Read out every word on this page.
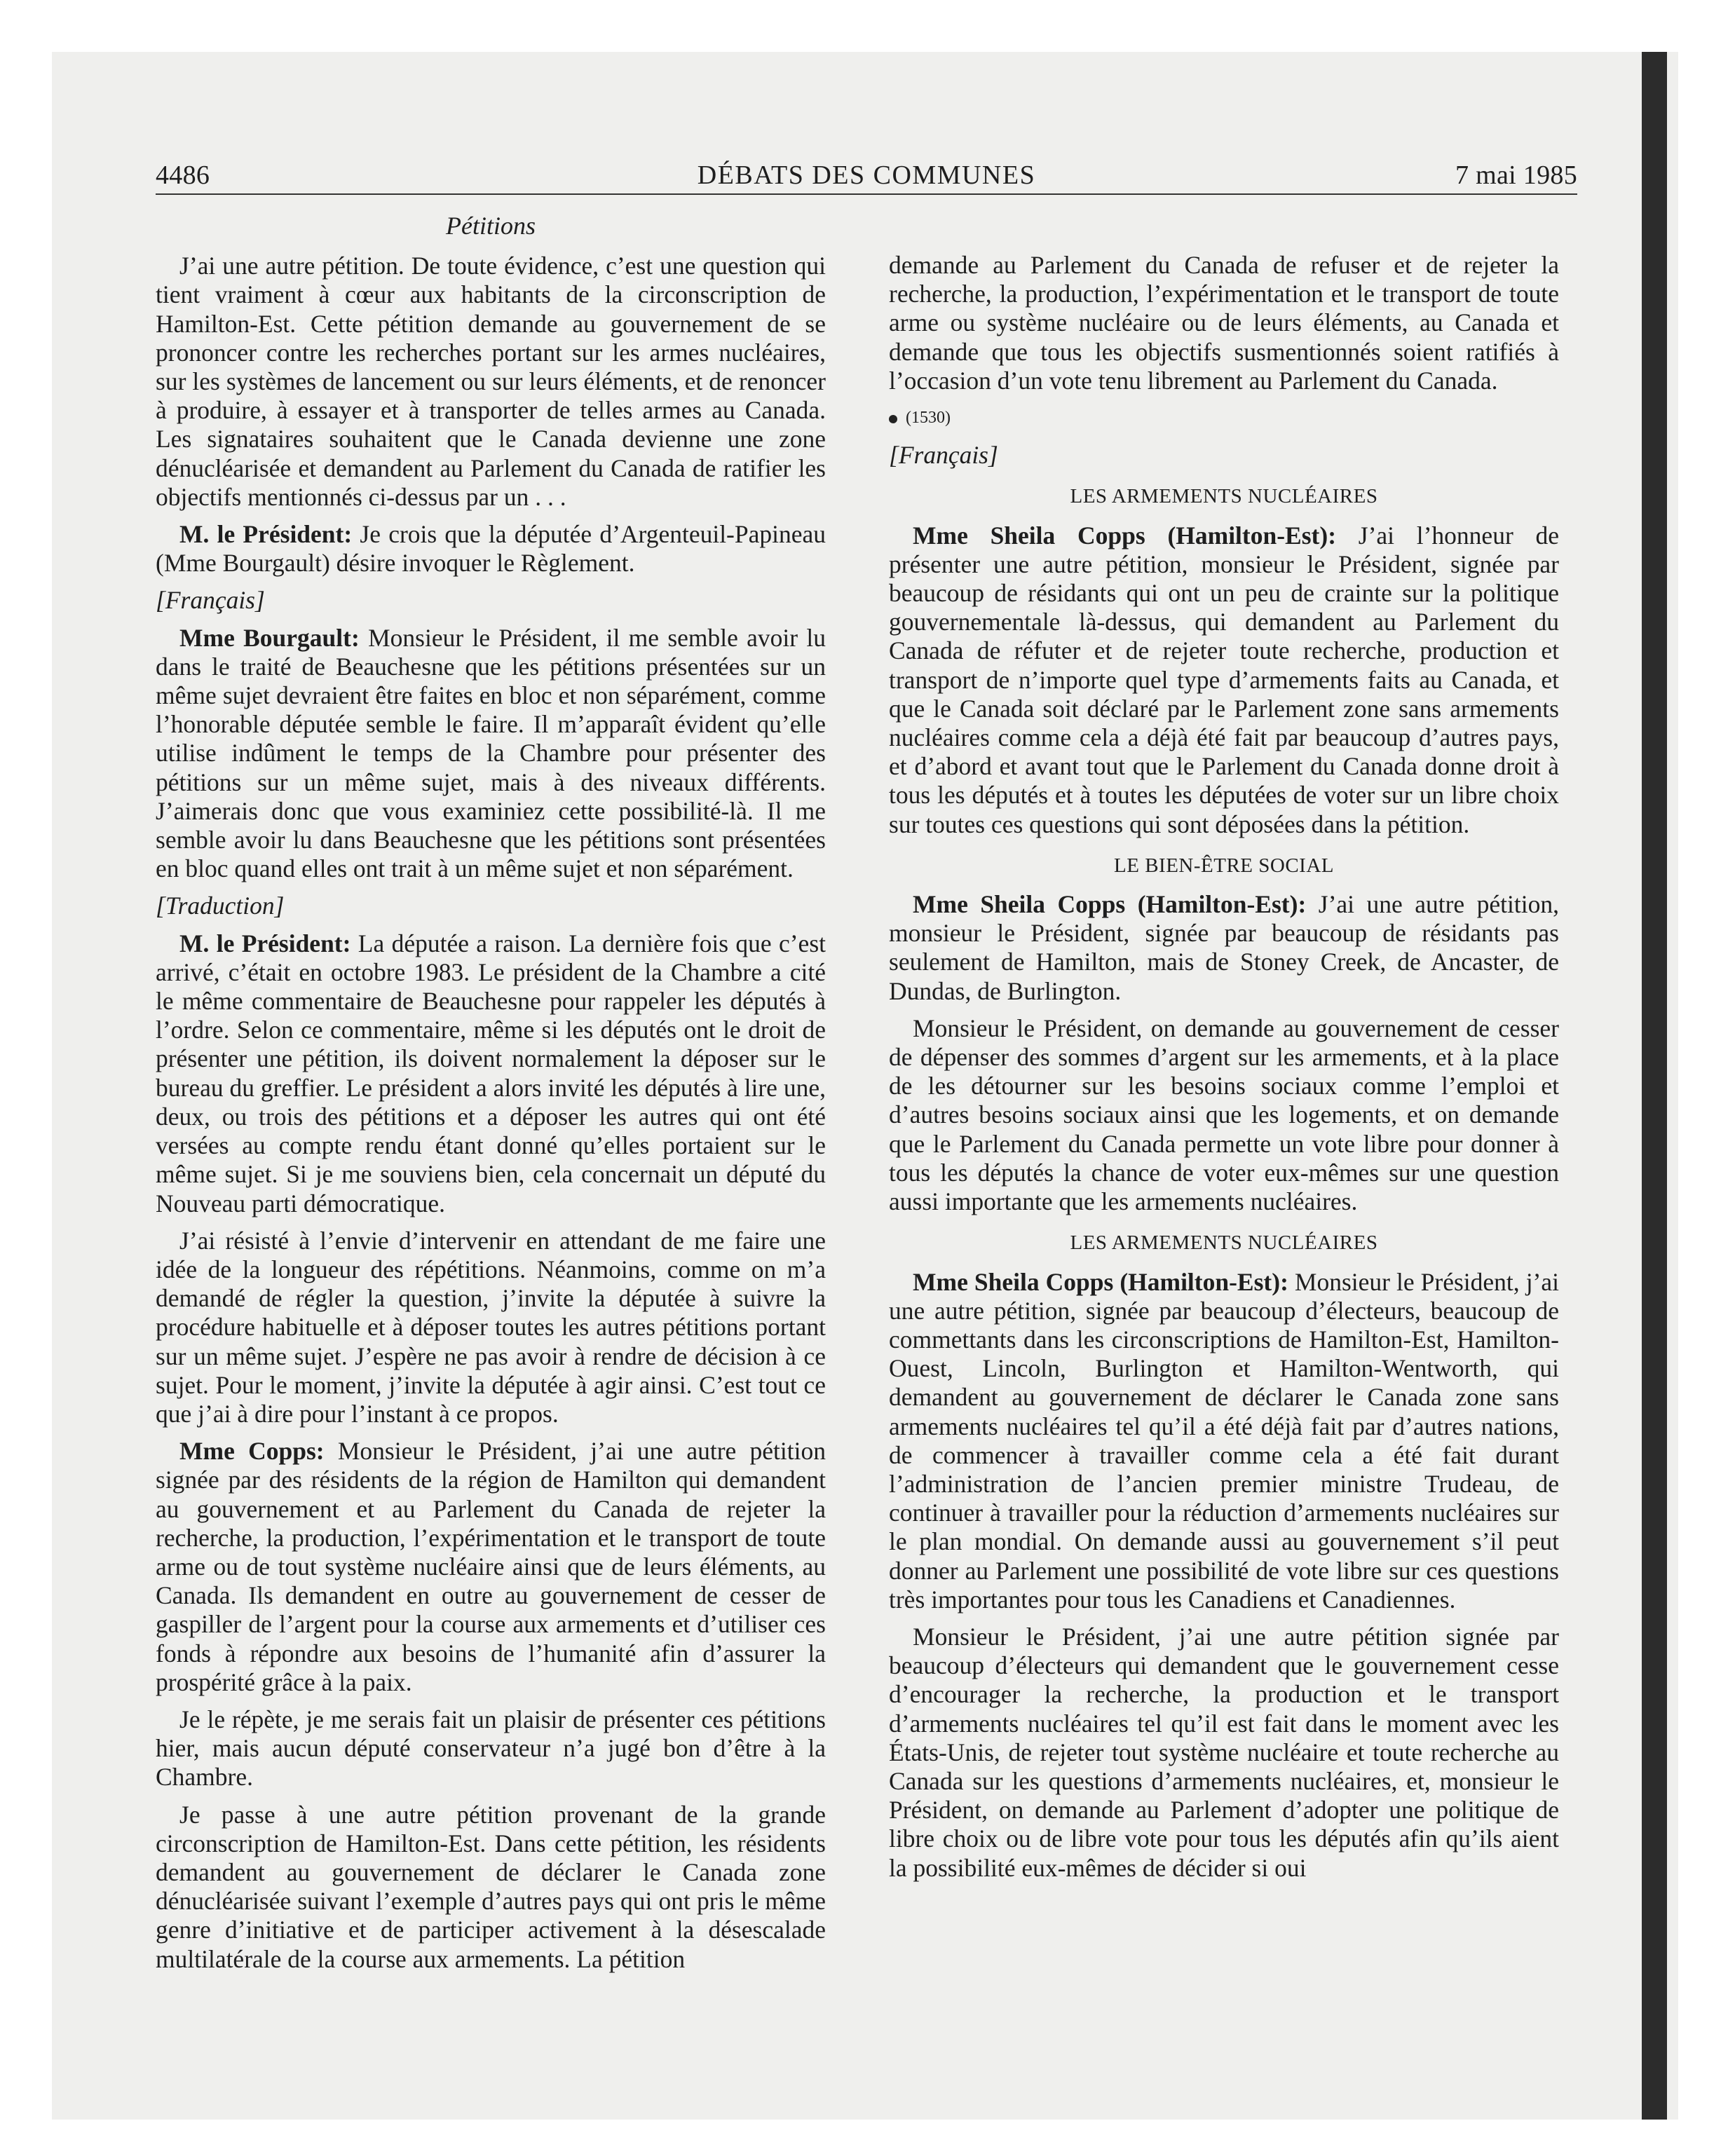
4486	DÉBATS DES COMMUNES	7 mai 1985
Pétitions

J’ai une autre pétition. De toute évidence, c’est une question qui tient vraiment à cœur aux habitants de la circonscription de Hamilton-Est. Cette pétition demande au gouvernement de se prononcer contre les recherches portant sur les armes nucléaires, sur les systèmes de lancement ou sur leurs éléments, et de renoncer à produire, à essayer et à transporter de telles armes au Canada. Les signataires souhaitent que le Canada devienne une zone dénucléarisée et demandent au Parlement du Canada de ratifier les objectifs mentionnés ci-dessus par un . . .

M. le Président: Je crois que la députée d’Argenteuil-Papineau (Mme Bourgault) désire invoquer le Règlement.

[Français]

Mme Bourgault: Monsieur le Président, il me semble avoir lu dans le traité de Beauchesne que les pétitions présentées sur un même sujet devraient être faites en bloc et non séparément, comme l’honorable députée semble le faire. Il m’apparaît évident qu’elle utilise indûment le temps de la Chambre pour présenter des pétitions sur un même sujet, mais à des niveaux différents. J’aimerais donc que vous examiniez cette possibilité-là. Il me semble avoir lu dans Beauchesne que les pétitions sont présentées en bloc quand elles ont trait à un même sujet et non séparément.

[Traduction]

M. le Président: La députée a raison. La dernière fois que c’est arrivé, c’était en octobre 1983. Le président de la Chambre a cité le même commentaire de Beauchesne pour rappeler les députés à l’ordre. Selon ce commentaire, même si les députés ont le droit de présenter une pétition, ils doivent normalement la déposer sur le bureau du greffier. Le président a alors invité les députés à lire une, deux, ou trois des pétitions et a déposer les autres qui ont été versées au compte rendu étant donné qu’elles portaient sur le même sujet. Si je me souviens bien, cela concernait un député du Nouveau parti démocratique.

J’ai résisté à l’envie d’intervenir en attendant de me faire une idée de la longueur des répétitions. Néanmoins, comme on m’a demandé de régler la question, j’invite la députée à suivre la procédure habituelle et à déposer toutes les autres pétitions portant sur un même sujet. J’espère ne pas avoir à rendre de décision à ce sujet. Pour le moment, j’invite la députée à agir ainsi. C’est tout ce que j’ai à dire pour l’instant à ce propos.

Mme Copps: Monsieur le Président, j’ai une autre pétition signée par des résidents de la région de Hamilton qui demandent au gouvernement et au Parlement du Canada de rejeter la recherche, la production, l’expérimentation et le transport de toute arme ou de tout système nucléaire ainsi que de leurs éléments, au Canada. Ils demandent en outre au gouvernement de cesser de gaspiller de l’argent pour la course aux armements et d’utiliser ces fonds à répondre aux besoins de l’humanité afin d’assurer la prospérité grâce à la paix.

Je le répète, je me serais fait un plaisir de présenter ces pétitions hier, mais aucun député conservateur n’a jugé bon d’être à la Chambre.

Je passe à une autre pétition provenant de la grande circonscription de Hamilton-Est. Dans cette pétition, les résidents demandent au gouvernement de déclarer le Canada zone dénucléarisée suivant l’exemple d’autres pays qui ont pris le même genre d’initiative et de participer activement à la désescalade multilatérale de la course aux armements. La pétition

demande au Parlement du Canada de refuser et de rejeter la recherche, la production, l’expérimentation et le transport de toute arme ou système nucléaire ou de leurs éléments, au Canada et demande que tous les objectifs susmentionnés soient ratifiés à l’occasion d’un vote tenu librement au Parlement du Canada.

(1530)

[Français]

LES ARMEMENTS NUCLÉAIRES

Mme Sheila Copps (Hamilton-Est): J’ai l’honneur de présenter une autre pétition, monsieur le Président, signée par beaucoup de résidants qui ont un peu de crainte sur la politique gouvernementale là-dessus, qui demandent au Parlement du Canada de réfuter et de rejeter toute recherche, production et transport de n’importe quel type d’armements faits au Canada, et que le Canada soit déclaré par le Parlement zone sans armements nucléaires comme cela a déjà été fait par beaucoup d’autres pays, et d’abord et avant tout que le Parlement du Canada donne droit à tous les députés et à toutes les députées de voter sur un libre choix sur toutes ces questions qui sont déposées dans la pétition.

LE BIEN-ÊTRE SOCIAL

Mme Sheila Copps (Hamilton-Est): J’ai une autre pétition, monsieur le Président, signée par beaucoup de résidants pas seulement de Hamilton, mais de Stoney Creek, de Ancaster, de Dundas, de Burlington.

Monsieur le Président, on demande au gouvernement de cesser de dépenser des sommes d’argent sur les armements, et à la place de les détourner sur les besoins sociaux comme l’emploi et d’autres besoins sociaux ainsi que les logements, et on demande que le Parlement du Canada permette un vote libre pour donner à tous les députés la chance de voter eux-mêmes sur une question aussi importante que les armements nucléaires.

LES ARMEMENTS NUCLÉAIRES

Mme Sheila Copps (Hamilton-Est): Monsieur le Président, j’ai une autre pétition, signée par beaucoup d’électeurs, beaucoup de commettants dans les circonscriptions de Hamilton-Est, Hamilton-Ouest, Lincoln, Burlington et Hamilton-Wentworth, qui demandent au gouvernement de déclarer le Canada zone sans armements nucléaires tel qu’il a été déjà fait par d’autres nations, de commencer à travailler comme cela a été fait durant l’administration de l’ancien premier ministre Trudeau, de continuer à travailler pour la réduction d’armements nucléaires sur le plan mondial. On demande aussi au gouvernement s’il peut donner au Parlement une possibilité de vote libre sur ces questions très importantes pour tous les Canadiens et Canadiennes.

Monsieur le Président, j’ai une autre pétition signée par beaucoup d’électeurs qui demandent que le gouvernement cesse d’encourager la recherche, la production et le transport d’armements nucléaires tel qu’il est fait dans le moment avec les États-Unis, de rejeter tout système nucléaire et toute recherche au Canada sur les questions d’armements nucléaires, et, monsieur le Président, on demande au Parlement d’adopter une politique de libre choix ou de libre vote pour tous les députés afin qu’ils aient la possibilité eux-mêmes de décider si oui
